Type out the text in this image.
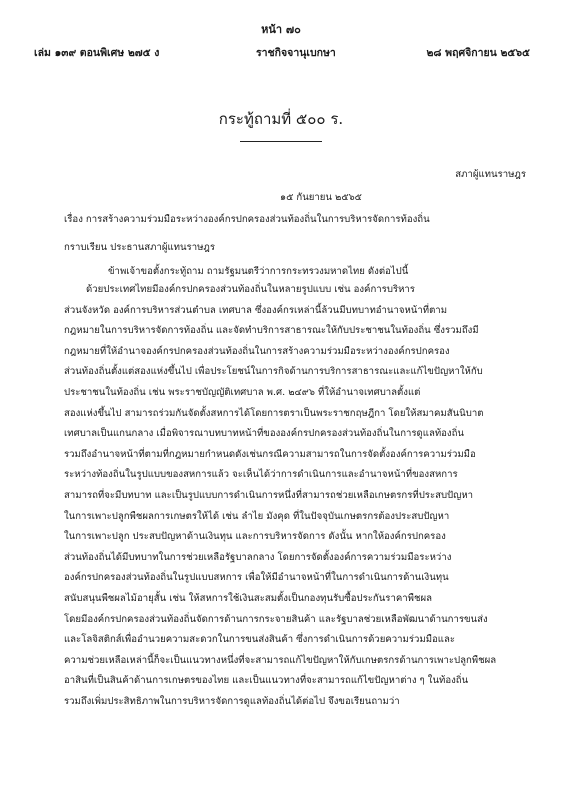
หน้า ๗๐
เล่ม ๑๓๙ ตอนพิเศษ ๒๗๕ ง	ราชกิจจานุเบกษา	๒๘ พฤศจิกายน ๒๕๖๕
กระทู้ถามที่ ๕๐๐ ร.
สภาผู้แทนราษฎร
๑๕ กันยายน ๒๕๖๕
เรื่อง การสร้างความร่วมมือระหว่างองค์กรปกครองส่วนท้องถิ่นในการบริหารจัดการท้องถิ่น
กราบเรียน ประธานสภาผู้แทนราษฎร
ข้าพเจ้าขอตั้งกระทู้ถาม ถามรัฐมนตรีว่าการกระทรวงมหาดไทย ดังต่อไปนี้
ด้วยประเทศไทยมีองค์กรปกครองส่วนท้องถิ่นในหลายรูปแบบ เช่น องค์การบริหาร
ส่วนจังหวัด องค์การบริหารส่วนตำบล เทศบาล ซึ่งองค์กรเหล่านี้ล้วนมีบทบาทอำนาจหน้าที่ตาม
กฎหมายในการบริหารจัดการท้องถิ่น และจัดทำบริการสาธารณะให้กับประชาชนในท้องถิ่น ซึ่งรวมถึงมี
กฎหมายที่ให้อำนาจองค์กรปกครองส่วนท้องถิ่นในการสร้างความร่วมมือระหว่างองค์กรปกครอง
ส่วนท้องถิ่นตั้งแต่สองแห่งขึ้นไป เพื่อประโยชน์ในการกิจด้านการบริการสาธารณะและแก้ไขปัญหาให้กับ
ประชาชนในท้องถิ่น เช่น พระราชบัญญัติเทศบาล พ.ศ. ๒๔๙๖ ที่ให้อำนาจเทศบาลตั้งแต่
สองแห่งขึ้นไป สามารถร่วมกันจัดตั้งสหการได้โดยการตราเป็นพระราชกฤษฎีกา โดยให้สมาคมสันนิบาต
เทศบาลเป็นแกนกลาง เมื่อพิจารณาบทบาทหน้าที่ขององค์กรปกครองส่วนท้องถิ่นในการดูแลท้องถิ่น
รวมถึงอำนาจหน้าที่ตามที่กฎหมายกำหนดดังเช่นกรณีความสามารถในการจัดตั้งองค์การความร่วมมือ
ระหว่างท้องถิ่นในรูปแบบของสหการแล้ว จะเห็นได้ว่าการดำเนินการและอำนาจหน้าที่ของสหการ
สามารถที่จะมีบทบาท และเป็นรูปแบบการดำเนินการหนึ่งที่สามารถช่วยเหลือเกษตรกรที่ประสบปัญหา
ในการเพาะปลูกพืชผลการเกษตรให้ได้ เช่น ลำไย มังคุด ที่ในปัจจุบันเกษตรกรต้องประสบปัญหา
ในการเพาะปลูก ประสบปัญหาด้านเงินทุน และการบริหารจัดการ ดังนั้น หากให้องค์กรปกครอง
ส่วนท้องถิ่นได้มีบทบาทในการช่วยเหลือรัฐบาลกลาง โดยการจัดตั้งองค์การความร่วมมือระหว่าง
องค์กรปกครองส่วนท้องถิ่นในรูปแบบสหการ เพื่อให้มีอำนาจหน้าที่ในการดำเนินการด้านเงินทุน
สนับสนุนพืชผลไม้อายุสั้น เช่น ให้สหการใช้เงินสะสมตั้งเป็นกองทุนรับซื้อประกันราคาพืชผล
โดยมีองค์กรปกครองส่วนท้องถิ่นจัดการด้านการกระจายสินค้า และรัฐบาลช่วยเหลือพัฒนาด้านการขนส่ง
และโลจิสติกส์เพื่ออำนวยความสะดวกในการขนส่งสินค้า ซึ่งการดำเนินการด้วยความร่วมมือและ
ความช่วยเหลือเหล่านี้ก็จะเป็นแนวทางหนึ่งที่จะสามารถแก้ไขปัญหาให้กับเกษตรกรด้านการเพาะปลูกพืชผล
อาสินที่เป็นสินค้าด้านการเกษตรของไทย และเป็นแนวทางที่จะสามารถแก้ไขปัญหาต่าง ๆ ในท้องถิ่น
รวมถึงเพิ่มประสิทธิภาพในการบริหารจัดการดูแลท้องถิ่นได้ต่อไป จึงขอเรียนถามว่า
